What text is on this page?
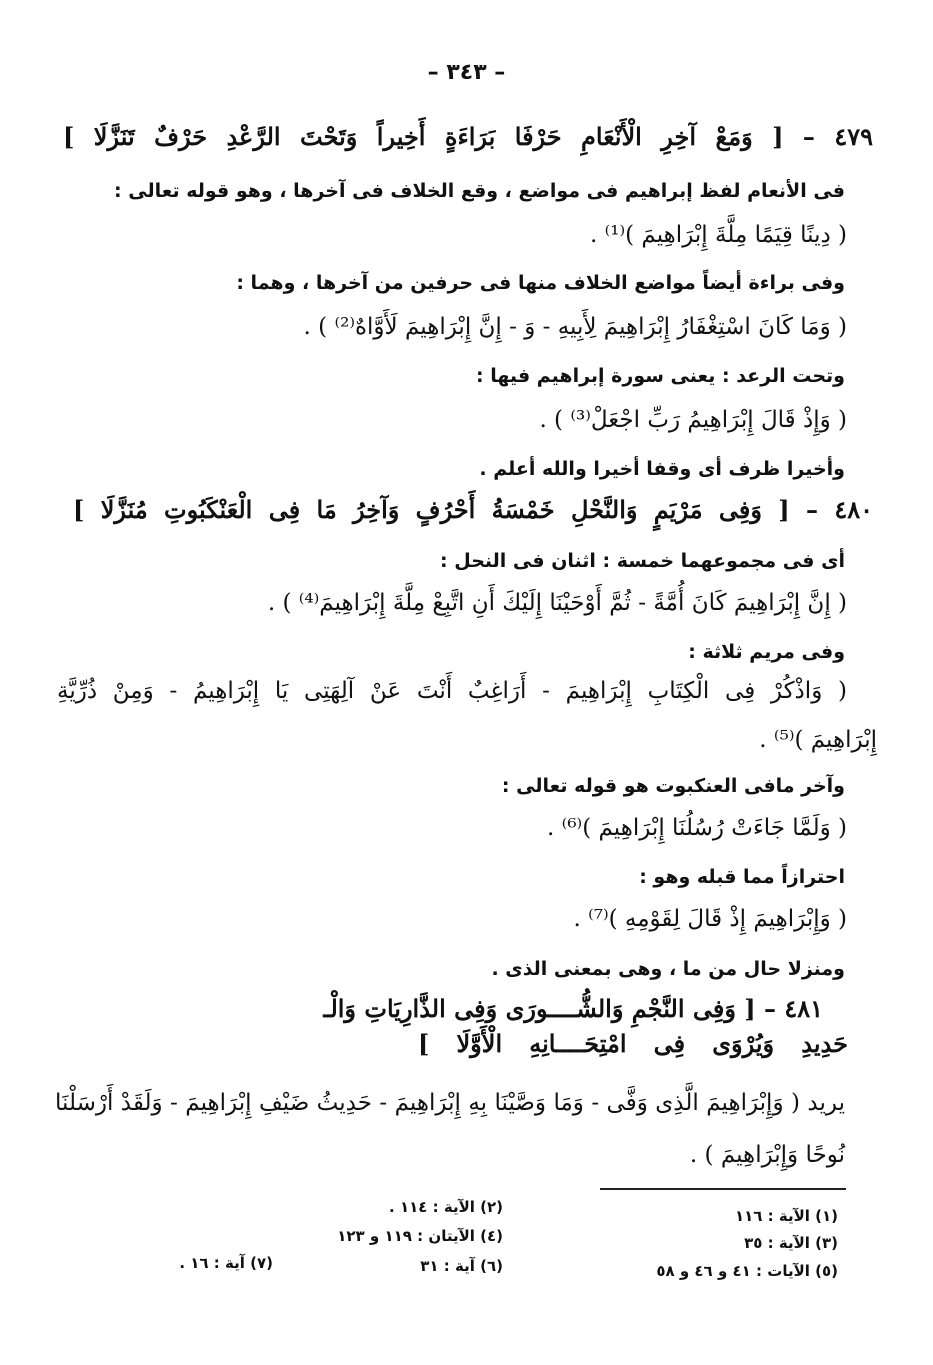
– ٣٤٣ –
٤٧٩ – [ وَمَعْ آخِرِ الْأَنْعَامِ حَرْفَا بَرَاءَةٍ أَخِيراً وَتَحْتَ الرَّعْدِ حَرْفٌ تَنَزَّلَا ]
فى الأنعام لفظ إبراهيم فى مواضع ، وقع الخلاف فى آخرها ، وهو قوله تعالى :
( دِينًا قِيَمًا مِلَّةَ إِبْرَاهِيمَ )⁽¹⁾ .
وفى براءة أيضاً مواضع الخلاف منها فى حرفين من آخرها ، وهما :
( وَمَا كَانَ اسْتِغْفَارُ إِبْرَاهِيمَ لِأَبِيهِ - وَ - إِنَّ إِبْرَاهِيمَ لَأَوَّاهٌ⁽²⁾ ) .
وتحت الرعد : يعنى سورة إبراهيم فيها :
( وَإِذْ قَالَ إِبْرَاهِيمُ رَبِّ اجْعَلْ⁽³⁾ ) .
وأخيرا ظرف أى وقفا أخيرا والله أعلم .
٤٨٠ – [ وَفِى مَرْيَمٍ وَالنَّحْلِ خَمْسَةُ أَحْرُفٍ وَآخِرُ مَا فِى الْعَنْكَبُوتِ مُنَزَّلَا ]
أى فى مجموعهما خمسة : اثنان فى النحل :
( إِنَّ إِبْرَاهِيمَ كَانَ أُمَّةً - ثُمَّ أَوْحَيْنَا إِلَيْكَ أَنِ اتَّبِعْ مِلَّةَ إِبْرَاهِيمَ⁽⁴⁾ ) .
وفى مريم ثلاثة :
( وَاذْكُرْ فِى الْكِتَابِ إِبْرَاهِيمَ - أَرَاغِبٌ أَنْتَ عَنْ آلِهَتِى يَا إِبْرَاهِيمُ - وَمِنْ ذُرِّيَّةِ
إِبْرَاهِيمَ )⁽⁵⁾ .
وآخر مافى العنكبوت هو قوله تعالى :
( وَلَمَّا جَاءَتْ رُسُلُنَا إِبْرَاهِيمَ )⁽⁶⁾ .
احترازاً مما قبله وهو :
( وَإِبْرَاهِيمَ إِذْ قَالَ لِقَوْمِهِ )⁽⁷⁾ .
ومنزلا حال من ما ، وهى بمعنى الذى .
٤٨١ – [ وَفِى النَّجْمِ وَالشُّــــورَى وَفِى الذَّارِيَاتِ وَالْـ
حَدِيدِ وَيُرْوَى فِى امْتِحَــــانِهِ الْأَوَّلَا ]
يريد ( وَإِبْرَاهِيمَ الَّذِى وَفَّى - وَمَا وَصَّيْنَا بِهِ إِبْرَاهِيمَ - حَدِيثُ ضَيْفِ إِبْرَاهِيمَ - وَلَقَدْ أَرْسَلْنَا
نُوحًا وَإِبْرَاهِيمَ ) .
(١) الآية : ١١٦
(٢) الآية : ١١٤ .
(٣) الآية : ٣٥
(٤) الآيتان : ١١٩ و ١٢٣
(٥) الآيات : ٤١ و ٤٦ و ٥٨
(٦) آية : ٣١
(٧) آية : ١٦ .
